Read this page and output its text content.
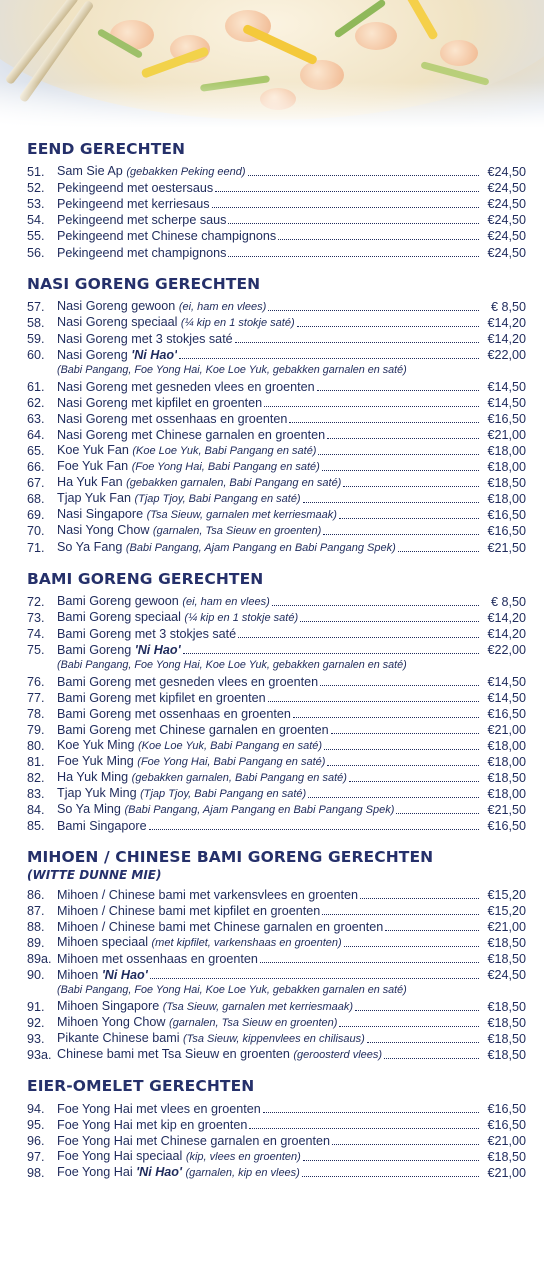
EEND GERECHTEN
51. Sam Sie Ap (gebakken Peking eend)	€24,50
52. Pekingeend met oestersaus	€24,50
53. Pekingeend met kerriesaus	€24,50
54. Pekingeend met scherpe saus	€24,50
55. Pekingeend met Chinese champignons	€24,50
56. Pekingeend met champignons	€24,50
NASI GORENG GERECHTEN
57. Nasi Goreng gewoon (ei, ham en vlees)	€ 8,50
58. Nasi Goreng speciaal (¼ kip en 1 stokje saté)	€14,20
59. Nasi Goreng met 3 stokjes saté	€14,20
60. Nasi Goreng 'Ni Hao'	€22,00
(Babi Pangang, Foe Yong Hai, Koe Loe Yuk, gebakken garnalen en saté)
61. Nasi Goreng met gesneden vlees en groenten	€14,50
62. Nasi Goreng met kipfilet en groenten	€14,50
63. Nasi Goreng met ossenhaas en groenten	€16,50
64. Nasi Goreng met Chinese garnalen en groenten	€21,00
65. Koe Yuk Fan (Koe Loe Yuk, Babi Pangang en saté)	€18,00
66. Foe Yuk Fan (Foe Yong Hai, Babi Pangang en saté)	€18,00
67. Ha Yuk Fan (gebakken garnalen, Babi Pangang en saté)	€18,50
68. Tjap Yuk Fan (Tjap Tjoy, Babi Pangang en saté)	€18,00
69. Nasi Singapore (Tsa Sieuw, garnalen met kerriesmaak)	€16,50
70. Nasi Yong Chow (garnalen, Tsa Sieuw en groenten)	€16,50
71. So Ya Fang (Babi Pangang, Ajam Pangang en Babi Pangang Spek)	€21,50
BAMI GORENG GERECHTEN
72. Bami Goreng gewoon (ei, ham en vlees)	€ 8,50
73. Bami Goreng speciaal (¼ kip en 1 stokje saté)	€14,20
74. Bami Goreng met 3 stokjes saté	€14,20
75. Bami Goreng 'Ni Hao'	€22,00
(Babi Pangang, Foe Yong Hai, Koe Loe Yuk, gebakken garnalen en saté)
76. Bami Goreng met gesneden vlees en groenten	€14,50
77. Bami Goreng met kipfilet en groenten	€14,50
78. Bami Goreng met ossenhaas en groenten	€16,50
79. Bami Goreng met Chinese garnalen en groenten	€21,00
80. Koe Yuk Ming (Koe Loe Yuk, Babi Pangang en saté)	€18,00
81. Foe Yuk Ming (Foe Yong Hai, Babi Pangang en saté)	€18,00
82. Ha Yuk Ming (gebakken garnalen, Babi Pangang en saté)	€18,50
83. Tjap Yuk Ming (Tjap Tjoy, Babi Pangang en saté)	€18,00
84. So Ya Ming (Babi Pangang, Ajam Pangang en Babi Pangang Spek)	€21,50
85. Bami Singapore	€16,50
MIHOEN / CHINESE BAMI GORENG GERECHTEN
(WITTE DUNNE MIE)
86. Mihoen / Chinese bami met varkensvlees en groenten	€15,20
87. Mihoen / Chinese bami met kipfilet en groenten	€15,20
88. Mihoen / Chinese bami met Chinese garnalen en groenten	€21,00
89. Mihoen speciaal (met kipfilet, varkenshaas en groenten)	€18,50
89a. Mihoen met ossenhaas en groenten	€18,50
90. Mihoen 'Ni Hao'	€24,50
(Babi Pangang, Foe Yong Hai, Koe Loe Yuk, gebakken garnalen en saté)
91. Mihoen Singapore (Tsa Sieuw, garnalen met kerriesmaak)	€18,50
92. Mihoen Yong Chow (garnalen, Tsa Sieuw en groenten)	€18,50
93. Pikante Chinese bami (Tsa Sieuw, kippenvlees en chilisaus)	€18,50
93a. Chinese bami met Tsa Sieuw en groenten (geroosterd vlees)	€18,50
EIER-OMELET GERECHTEN
94. Foe Yong Hai met vlees en groenten	€16,50
95. Foe Yong Hai met kip en groenten	€16,50
96. Foe Yong Hai met Chinese garnalen en groenten	€21,00
97. Foe Yong Hai speciaal (kip, vlees en groenten)	€18,50
98. Foe Yong Hai 'Ni Hao' (garnalen, kip en vlees)	€21,00
